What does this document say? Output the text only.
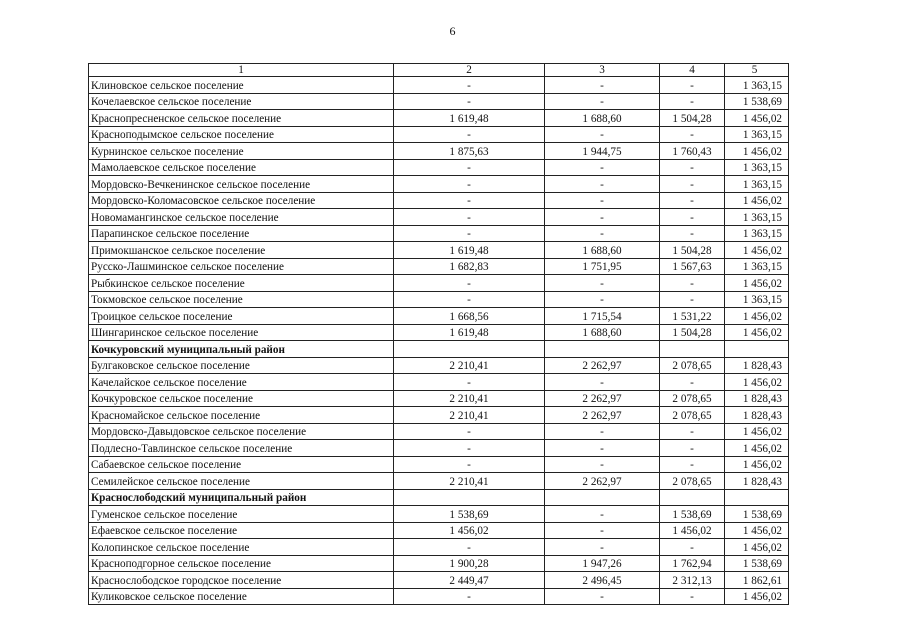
6
1	2	3	4	5
Клиновское сельское поселение	-	-	-	1 363,15
Кочелаевское сельское поселение	-	-	-	1 538,69
Краснопресненское сельское поселение	1 619,48	1 688,60	1 504,28	1 456,02
Красноподымское сельское поселение	-	-	-	1 363,15
Курнинское сельское поселение	1 875,63	1 944,75	1 760,43	1 456,02
Мамолаевское сельское поселение	-	-	-	1 363,15
Мордовско-Вечкенинское сельское поселение	-	-	-	1 363,15
Мордовско-Коломасовское сельское поселение	-	-	-	1 456,02
Новомамангинское сельское поселение	-	-	-	1 363,15
Парапинское сельское поселение	-	-	-	1 363,15
Примокшанское сельское поселение	1 619,48	1 688,60	1 504,28	1 456,02
Русско-Лашминское сельское поселение	1 682,83	1 751,95	1 567,63	1 363,15
Рыбкинское сельское поселение	-	-	-	1 456,02
Токмовское сельское поселение	-	-	-	1 363,15
Троицкое сельское поселение	1 668,56	1 715,54	1 531,22	1 456,02
Шингаринское сельское поселение	1 619,48	1 688,60	1 504,28	1 456,02
Кочкуровский муниципальный район				
Булгаковское сельское поселение	2 210,41	2 262,97	2 078,65	1 828,43
Качелайское сельское поселение	-	-	-	1 456,02
Кочкуровское сельское поселение	2 210,41	2 262,97	2 078,65	1 828,43
Красномайское сельское поселение	2 210,41	2 262,97	2 078,65	1 828,43
Мордовско-Давыдовское сельское поселение	-	-	-	1 456,02
Подлесно-Тавлинское сельское поселение	-	-	-	1 456,02
Сабаевское сельское поселение	-	-	-	1 456,02
Семилейское сельское поселение	2 210,41	2 262,97	2 078,65	1 828,43
Краснослободский муниципальный район				
Гуменское сельское поселение	1 538,69	-	1 538,69	1 538,69
Ефаевское сельское поселение	1 456,02	-	1 456,02	1 456,02
Колопинское сельское поселение	-	-	-	1 456,02
Красноподгорное сельское поселение	1 900,28	1 947,26	1 762,94	1 538,69
Краснослободское городское поселение	2 449,47	2 496,45	2 312,13	1 862,61
Куликовское сельское поселение	-	-	-	1 456,02
